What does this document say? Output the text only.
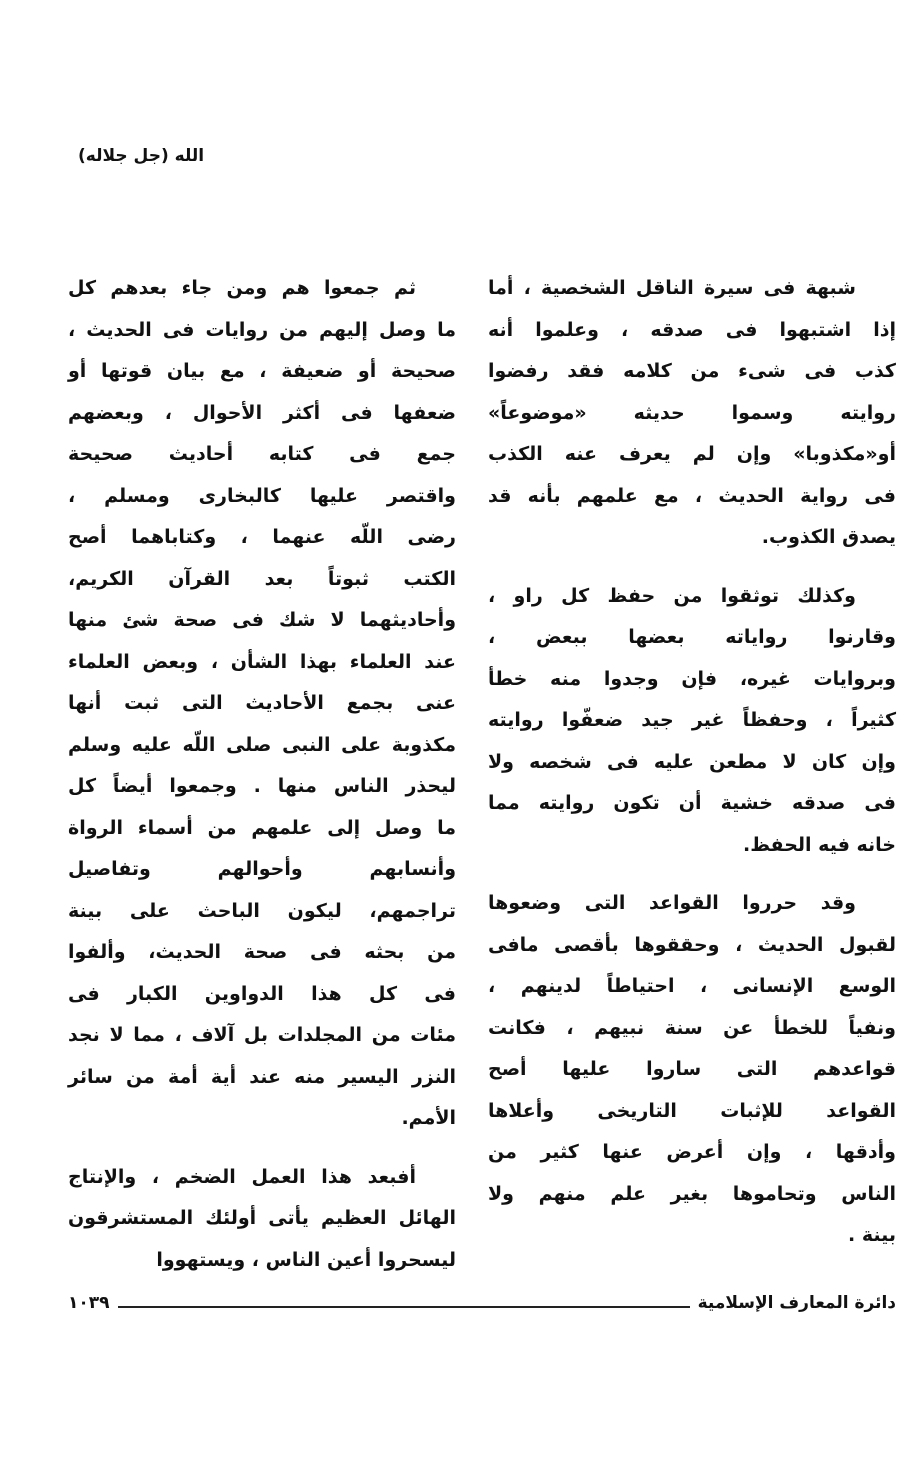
الله (جل جلاله)
شبهة فى سيرة الناقل الشخصية ، أما
إذا اشتبهوا فى صدقه ، وعلموا أنه
كذب فى شىء من كلامه فقد رفضوا
روايته وسموا حديثه «موضوعاً»
أو«مكذوبا» وإن لم يعرف عنه الكذب
فى رواية الحديث ، مع علمهم بأنه قد
يصدق الكذوب.
وكذلك توثقوا من حفظ كل راو ،
وقارنوا رواياته بعضها ببعض ،
وبروايات غيره، فإن وجدوا منه خطأ
كثيراً ، وحفظاً غير جيد ضعفّوا روايته
وإن كان لا مطعن عليه فى شخصه ولا
فى صدقه خشية أن تكون روايته مما
خانه فيه الحفظ.
وقد حرروا القواعد التى وضعوها
لقبول الحديث ، وحققوها بأقصى مافى
الوسع الإنسانى ، احتياطاً لدينهم ،
ونفياً للخطأ عن سنة نبيهم ، فكانت
قواعدهم التى ساروا عليها أصح
القواعد للإثبات التاريخى وأعلاها
وأدقها ، وإن أعرض عنها كثير من
الناس وتحاموها بغير علم منهم ولا
بينة .
ثم جمعوا هم ومن جاء بعدهم كل
ما وصل إليهم من روايات فى الحديث ،
صحيحة أو ضعيفة ، مع بيان قوتها أو
ضعفها فى أكثر الأحوال ، وبعضهم
جمع فى كتابه أحاديث صحيحة
واقتصر عليها كالبخارى ومسلم ،
رضى اللّه عنهما ، وكتاباهما أصح
الكتب ثبوتاً بعد القرآن الكريم،
وأحاديثهما لا شك فى صحة شئ منها
عند العلماء بهذا الشأن ، وبعض العلماء
عنى بجمع الأحاديث التى ثبت أنها
مكذوبة على النبى صلى اللّه عليه وسلم
ليحذر الناس منها . وجمعوا أيضاً كل
ما وصل إلى علمهم من أسماء الرواة
وأنسابهم وأحوالهم وتفاصيل
تراجمهم، ليكون الباحث على بينة
من بحثه فى صحة الحديث، وألفوا
فى كل هذا الدواوين الكبار فى
مئات من المجلدات بل آلاف ، مما لا نجد
النزر اليسير منه عند أية أمة من سائر
الأمم.
أفبعد هذا العمل الضخم ، والإنتاج
الهائل العظيم يأتى أولئك المستشرقون
ليسحروا أعين الناس ، ويستهووا
دائرة المعارف الإسلامية
١٠٣٩
